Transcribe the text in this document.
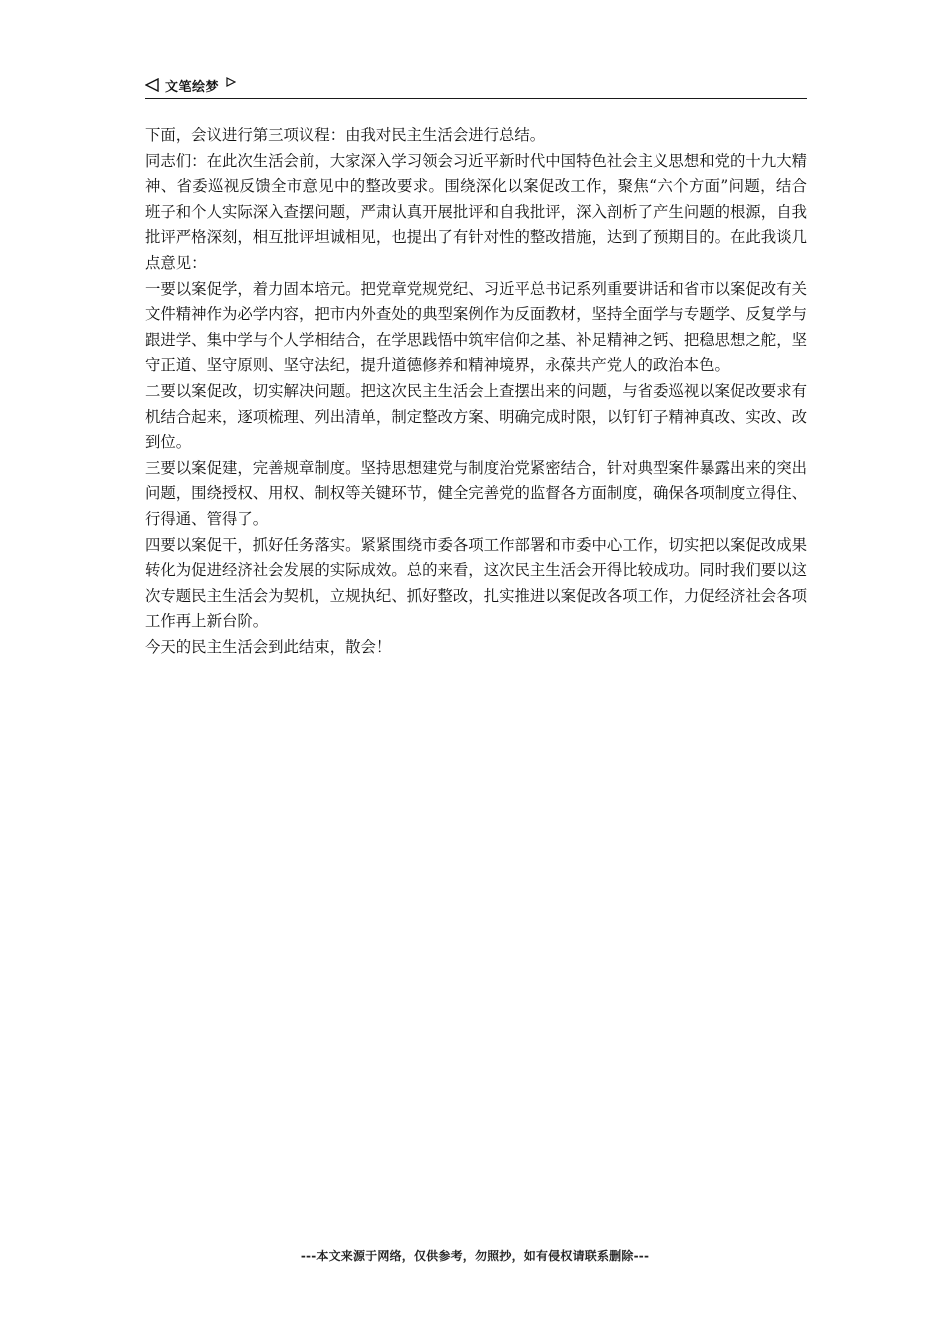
文笔绘梦

下面，会议进行第三项议程：由我对民主生活会进行总结。

同志们：在此次生活会前，大家深入学习领会习近平新时代中国特色社会主义思想和党的十九大精神、省委巡视反馈全市意见中的整改要求。围绕深化以案促改工作，聚焦“六个方面”问题，结合班子和个人实际深入查摆问题，严肃认真开展批评和自我批评，深入剖析了产生问题的根源，自我批评严格深刻，相互批评坦诚相见，也提出了有针对性的整改措施，达到了预期目的。在此我谈几点意见：

一要以案促学，着力固本培元。把党章党规党纪、习近平总书记系列重要讲话和省市以案促改有关文件精神作为必学内容，把市内外查处的典型案例作为反面教材，坚持全面学与专题学、反复学与跟进学、集中学与个人学相结合，在学思践悟中筑牢信仰之基、补足精神之钙、把稳思想之舵，坚守正道、坚守原则、坚守法纪，提升道德修养和精神境界，永葆共产党人的政治本色。

二要以案促改，切实解决问题。把这次民主生活会上查摆出来的问题，与省委巡视以案促改要求有机结合起来，逐项梳理、列出清单，制定整改方案、明确完成时限，以钉钉子精神真改、实改、改到位。

三要以案促建，完善规章制度。坚持思想建党与制度治党紧密结合，针对典型案件暴露出来的突出问题，围绕授权、用权、制权等关键环节，健全完善党的监督各方面制度，确保各项制度立得住、行得通、管得了。

四要以案促干，抓好任务落实。紧紧围绕市委各项工作部署和市委中心工作，切实把以案促改成果转化为促进经济社会发展的实际成效。总的来看，这次民主生活会开得比较成功。同时我们要以这次专题民主生活会为契机，立规执纪、抓好整改，扎实推进以案促改各项工作，力促经济社会各项工作再上新台阶。

今天的民主生活会到此结束，散会！

---本文来源于网络，仅供参考，勿照抄，如有侵权请联系删除---
